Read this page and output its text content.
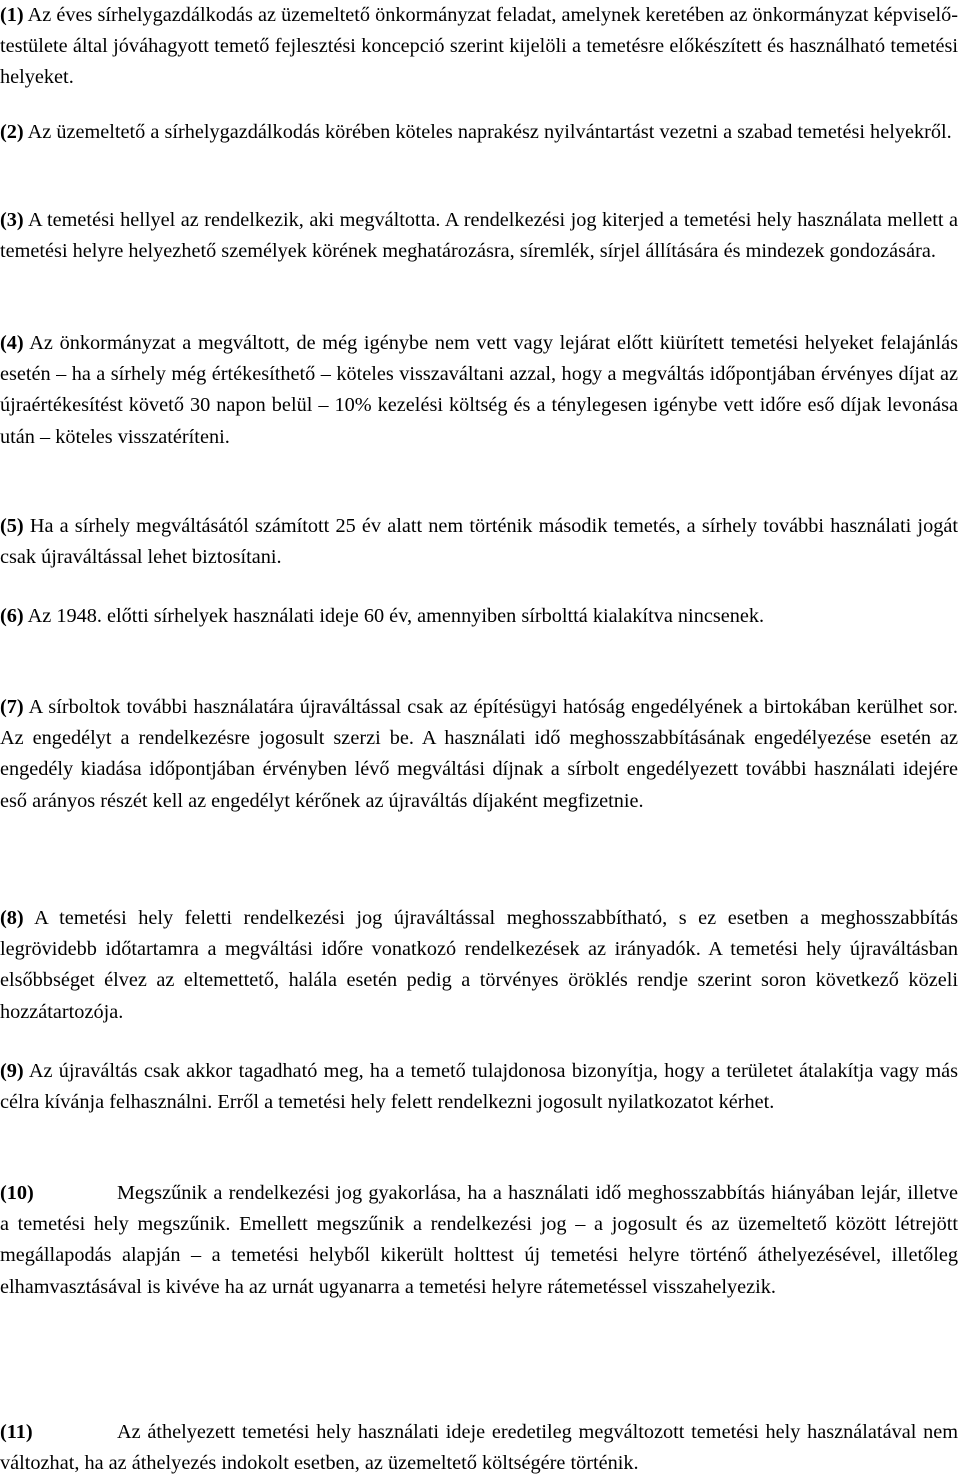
(1) Az éves sírhelygazdálkodás az üzemeltető önkormányzat feladat, amelynek keretében az önkormányzat képviselő-testülete által jóváhagyott temető fejlesztési koncepció szerint kijelöli a temetésre előkészített és használható temetési helyeket.

(2) Az üzemeltető a sírhelygazdálkodás körében köteles naprakész nyilvántartást vezetni a szabad temetési helyekről.

(3) A temetési hellyel az rendelkezik, aki megváltotta. A rendelkezési jog kiterjed a temetési hely használata mellett a temetési helyre helyezhető személyek körének meghatározásra, síremlék, sírjel állítására és mindezek gondozására.

(4) Az önkormányzat a megváltott, de még igénybe nem vett vagy lejárat előtt kiürített temetési helyeket felajánlás esetén – ha a sírhely még értékesíthető – köteles visszaváltani azzal, hogy a megváltás időpontjában érvényes díjat az újraértékesítést követő 30 napon belül – 10% kezelési költség és a ténylegesen igénybe vett időre eső díjak levonása után – köteles visszatéríteni.

(5) Ha a sírhely megváltásától számított 25 év alatt nem történik második temetés, a sírhely további használati jogát csak újraváltással lehet biztosítani.

(6) Az 1948. előtti sírhelyek használati ideje 60 év, amennyiben sírbolttá kialakítva nincsenek.

(7) A sírboltok további használatára újraváltással csak az építésügyi hatóság engedélyének a birtokában kerülhet sor. Az engedélyt a rendelkezésre jogosult szerzi be. A használati idő meghosszabbításának engedélyezése esetén az engedély kiadása időpontjában érvényben lévő megváltási díjnak a sírbolt engedélyezett további használati idejére eső arányos részét kell az engedélyt kérőnek az újraváltás díjaként megfizetnie.

(8) A temetési hely feletti rendelkezési jog újraváltással meghosszabbítható, s ez esetben a meghosszabbítás legrövidebb időtartamra a megváltási időre vonatkozó rendelkezések az irányadók. A temetési hely újraváltásban elsőbbséget élvez az eltemettető, halála esetén pedig a törvényes öröklés rendje szerint soron következő közeli hozzátartozója.

(9) Az újraváltás csak akkor tagadható meg, ha a temető tulajdonosa bizonyítja, hogy a területet átalakítja vagy más célra kívánja felhasználni. Erről a temetési hely felett rendelkezni jogosult nyilatkozatot kérhet.

(10)	Megszűnik a rendelkezési jog gyakorlása, ha a használati idő meghosszabbítás hiányában lejár, illetve a temetési hely megszűnik. Emellett megszűnik a rendelkezési jog – a jogosult és az üzemeltető között létrejött megállapodás alapján – a temetési helyből kikerült holttest új temetési helyre történő áthelyezésével, illetőleg elhamvasztásával is kivéve ha az urnát ugyanarra a temetési helyre rátemetéssel visszahelyezik.

(11)	Az áthelyezett temetési hely használati ideje eredetileg megváltozott temetési hely használatával nem változhat, ha az áthelyezés indokolt esetben, az üzemeltető költségére történik.
